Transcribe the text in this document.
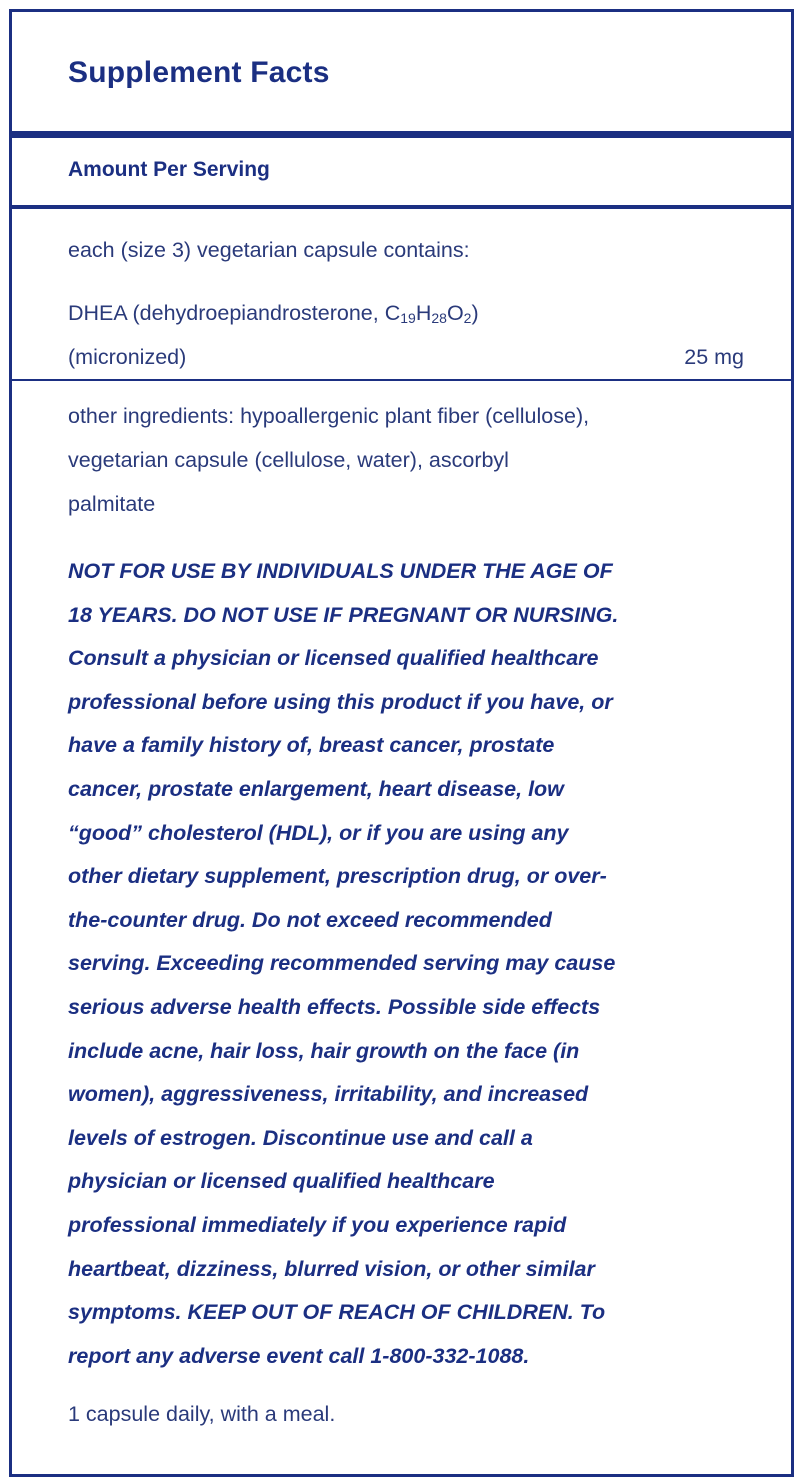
Supplement Facts
Amount Per Serving
each (size 3) vegetarian capsule contains:
DHEA (dehydroepiandrosterone, $C_{19}H_{28}O_2$)
(micronized)	25 mg
other ingredients: hypoallergenic plant fiber (cellulose),
vegetarian capsule (cellulose, water), ascorbyl
palmitate
NOT FOR USE BY INDIVIDUALS UNDER THE AGE OF
18 YEARS. DO NOT USE IF PREGNANT OR NURSING.
Consult a physician or licensed qualified healthcare
professional before using this product if you have, or
have a family history of, breast cancer, prostate
cancer, prostate enlargement, heart disease, low
“good” cholesterol (HDL), or if you are using any
other dietary supplement, prescription drug, or over-
the-counter drug. Do not exceed recommended
serving. Exceeding recommended serving may cause
serious adverse health effects. Possible side effects
include acne, hair loss, hair growth on the face (in
women), aggressiveness, irritability, and increased
levels of estrogen. Discontinue use and call a
physician or licensed qualified healthcare
professional immediately if you experience rapid
heartbeat, dizziness, blurred vision, or other similar
symptoms. KEEP OUT OF REACH OF CHILDREN. To
report any adverse event call 1-800-332-1088.
1 capsule daily, with a meal.
